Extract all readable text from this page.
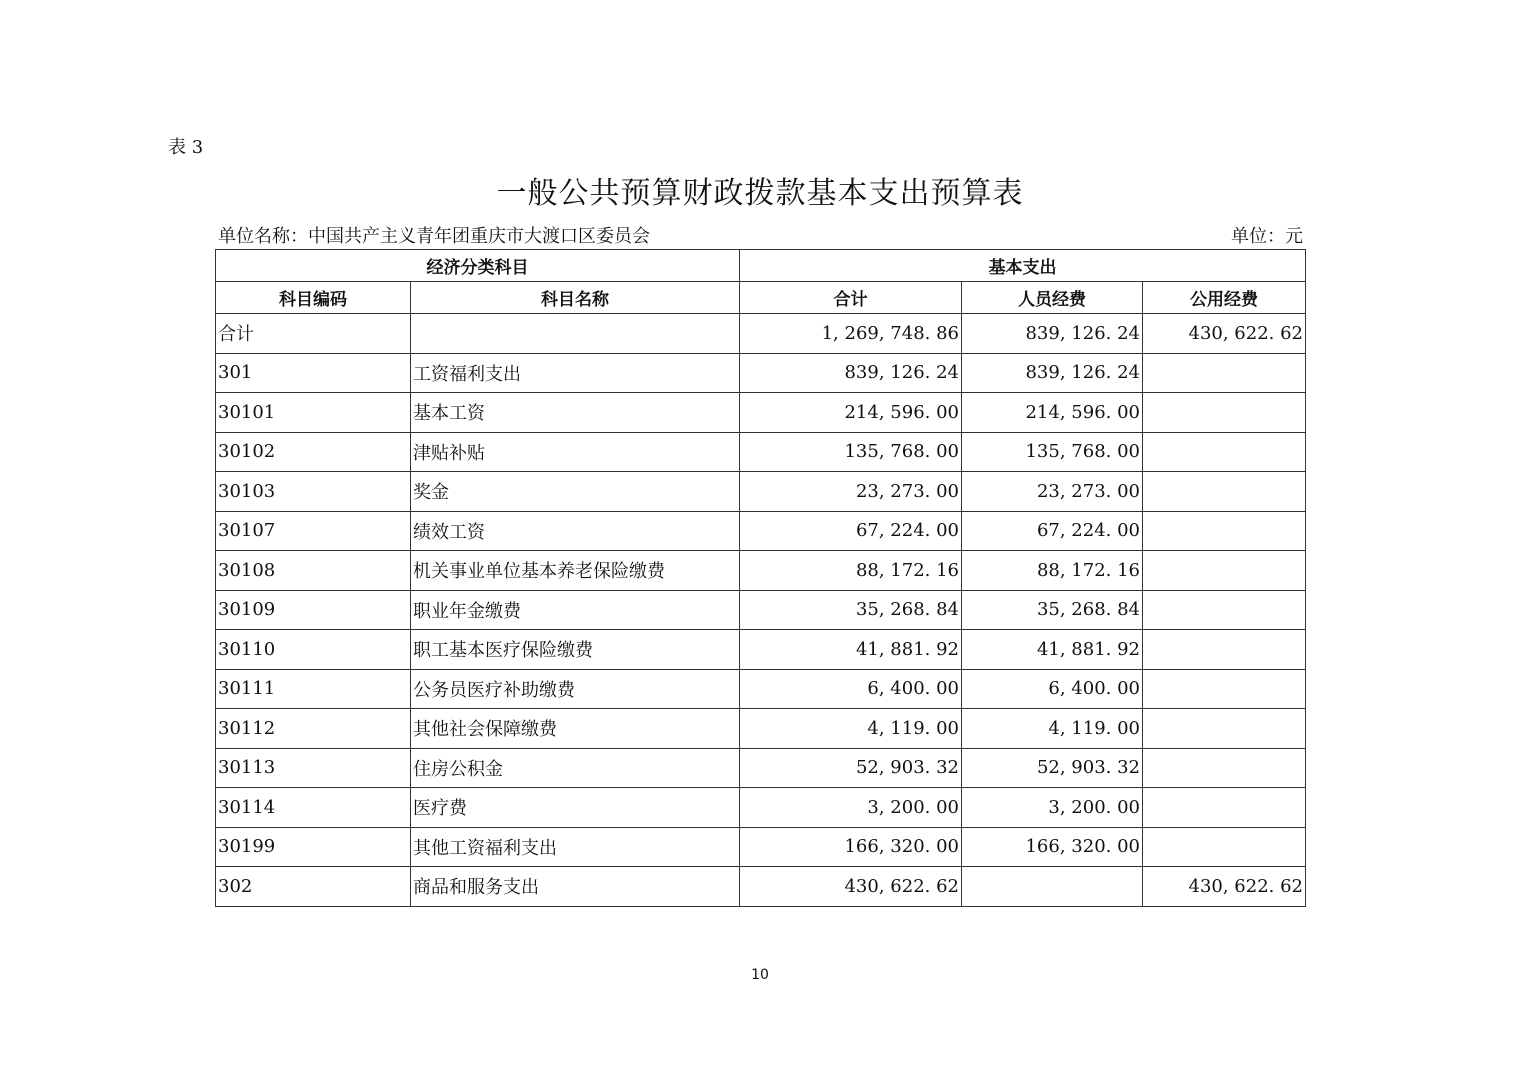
表 3
一般公共预算财政拨款基本支出预算表
单位名称：中国共产主义青年团重庆市大渡口区委员会	单位：元
经济分类科目		基本支出		
科目编码	科目名称	合计	人员经费	公用经费
合计		1, 269, 748. 86	839, 126. 24	430, 622. 62
301	工资福利支出	839, 126. 24	839, 126. 24	
30101	基本工资	214, 596. 00	214, 596. 00	
30102	津贴补贴	135, 768. 00	135, 768. 00	
30103	奖金	23, 273. 00	23, 273. 00	
30107	绩效工资	67, 224. 00	67, 224. 00	
30108	机关事业单位基本养老保险缴费	88, 172. 16	88, 172. 16	
30109	职业年金缴费	35, 268. 84	35, 268. 84	
30110	职工基本医疗保险缴费	41, 881. 92	41, 881. 92	
30111	公务员医疗补助缴费	6, 400. 00	6, 400. 00	
30112	其他社会保障缴费	4, 119. 00	4, 119. 00	
30113	住房公积金	52, 903. 32	52, 903. 32	
30114	医疗费	3, 200. 00	3, 200. 00	
30199	其他工资福利支出	166, 320. 00	166, 320. 00	
302	商品和服务支出	430, 622. 62		430, 622. 62
10
